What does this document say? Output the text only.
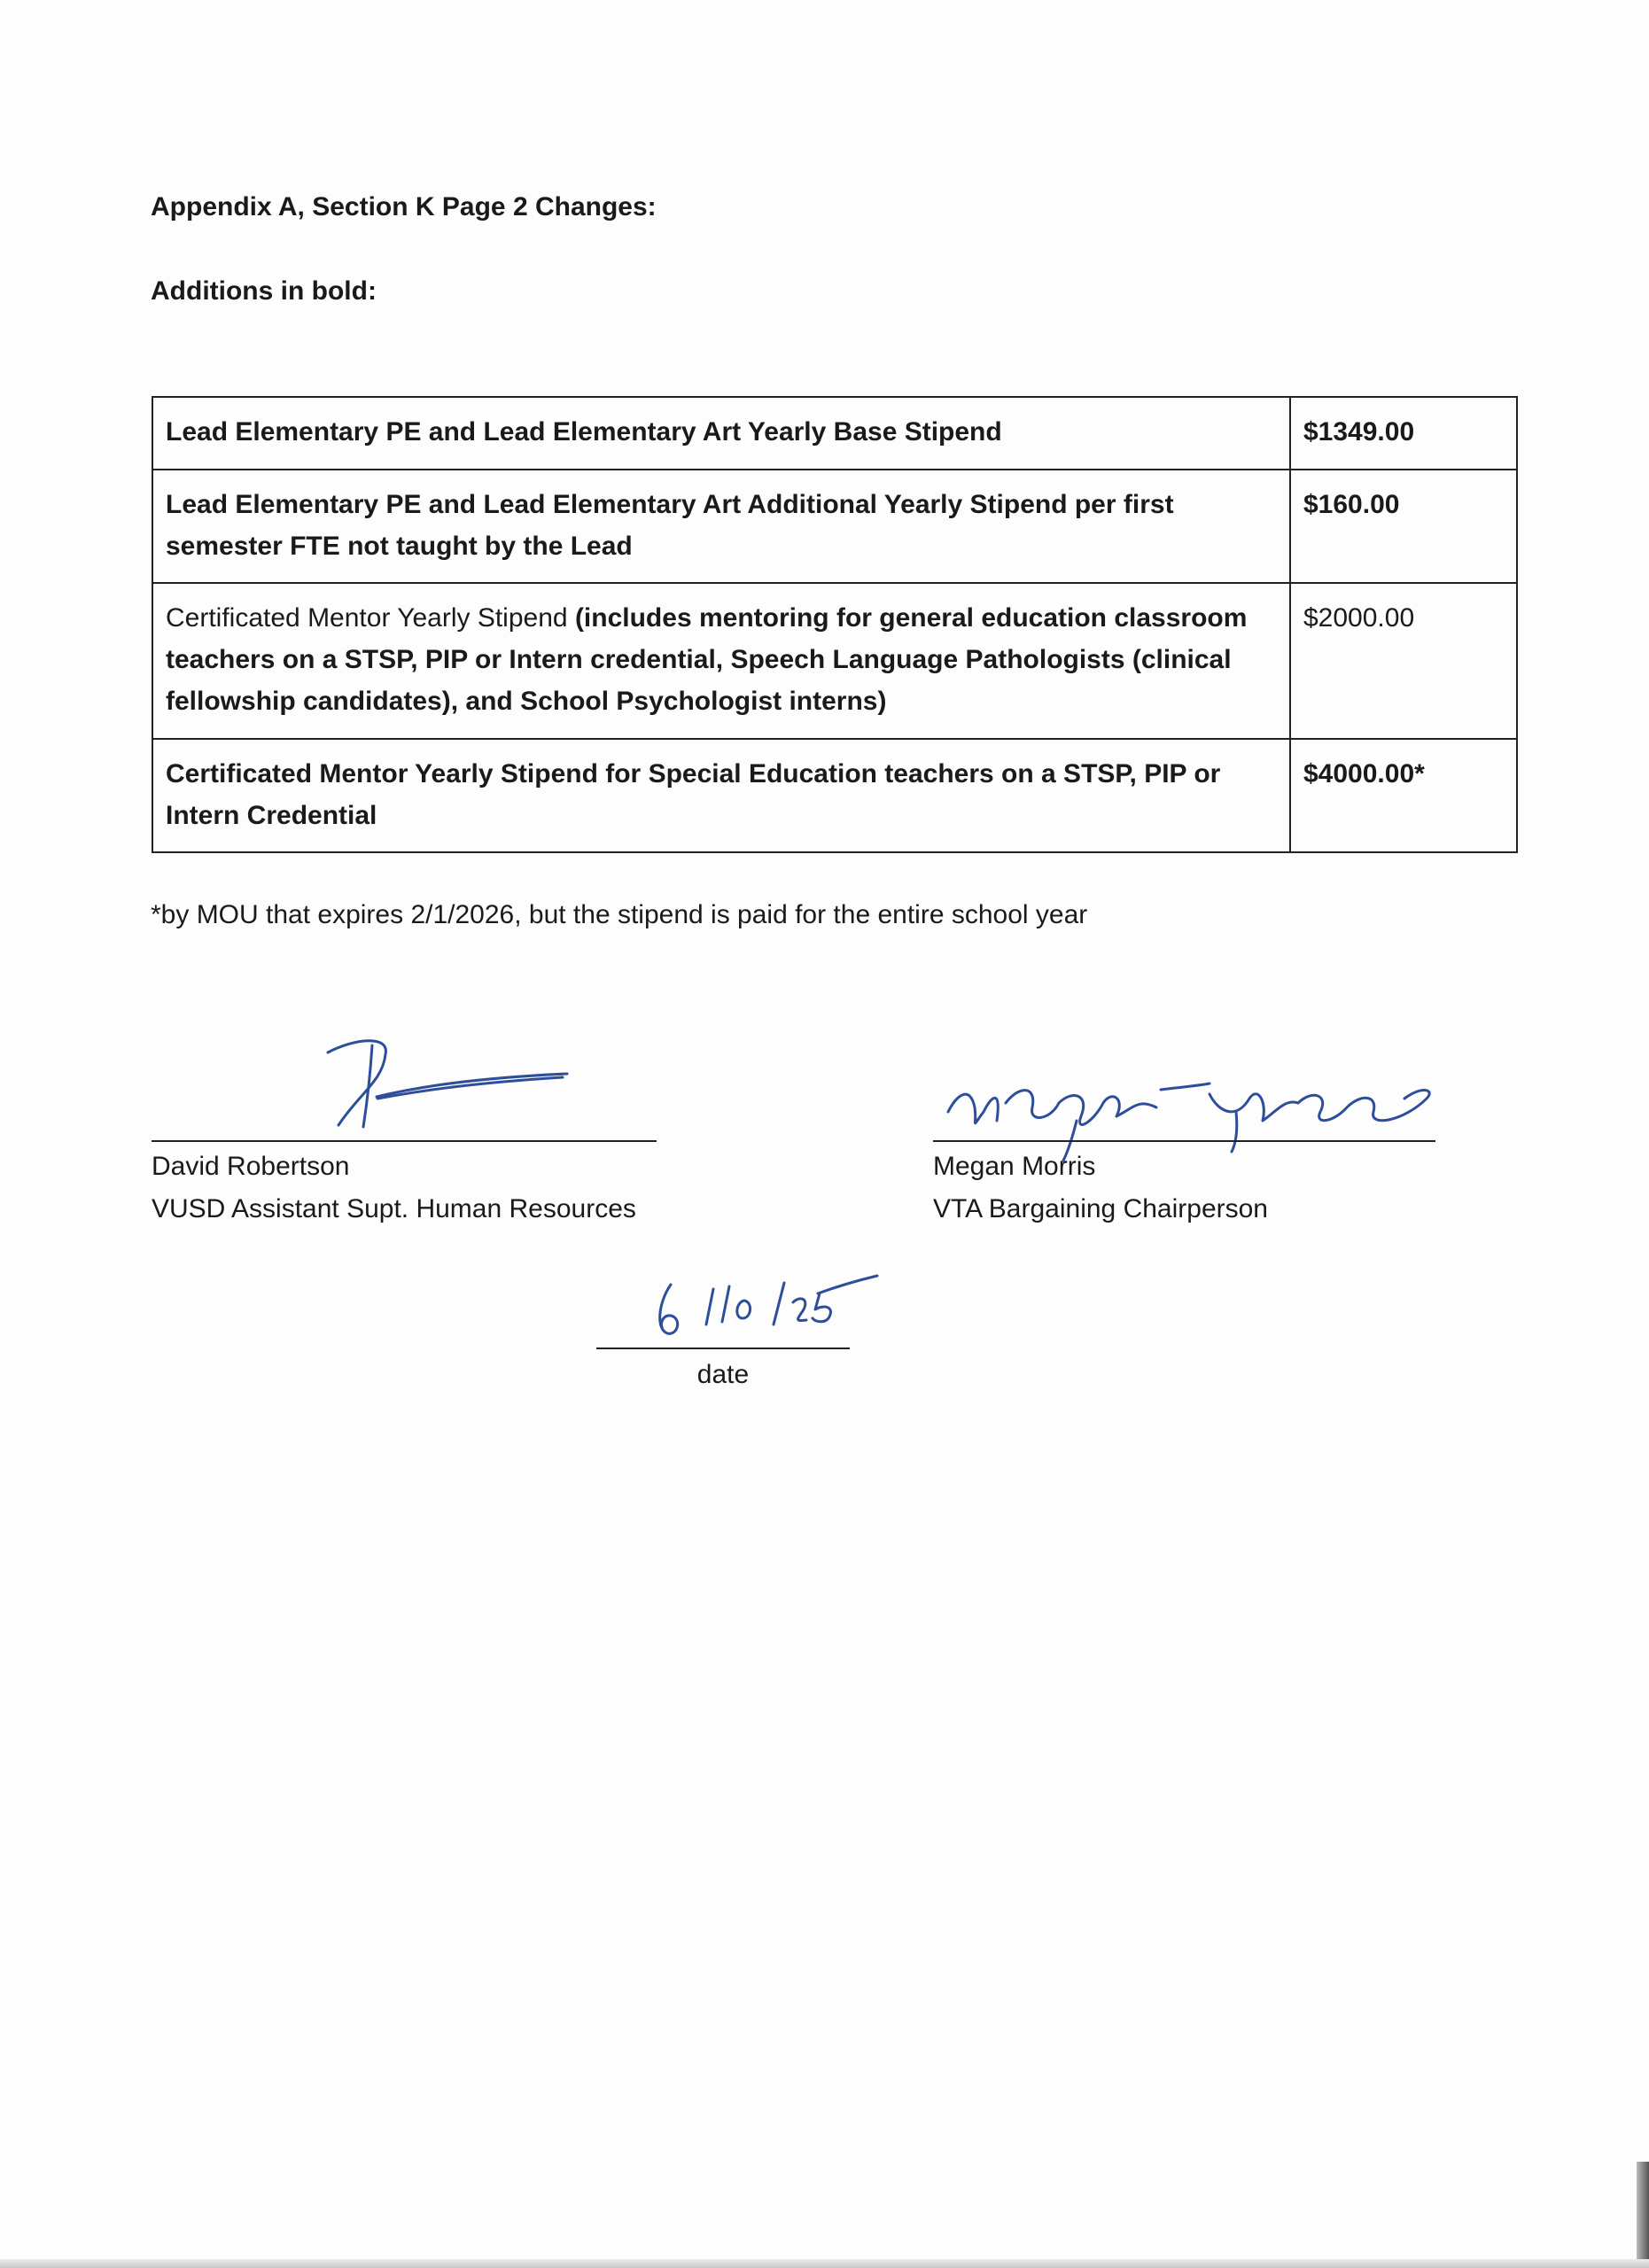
Appendix A, Section K Page 2 Changes:
Additions in bold:
Lead Elementary PE and Lead Elementary Art Yearly Base Stipend	$1349.00
Lead Elementary PE and Lead Elementary Art Additional Yearly Stipend per first semester FTE not taught by the Lead	$160.00
Certificated Mentor Yearly Stipend (includes mentoring for general education classroom teachers on a STSP, PIP or Intern credential, Speech Language Pathologists (clinical fellowship candidates), and School Psychologist interns)	$2000.00
Certificated Mentor Yearly Stipend for Special Education teachers on a STSP, PIP or Intern Credential	$4000.00*
*by MOU that expires 2/1/2026, but the stipend is paid for the entire school year
David Robertson
VUSD Assistant Supt. Human Resources
Megan Morris
VTA Bargaining Chairperson
date
